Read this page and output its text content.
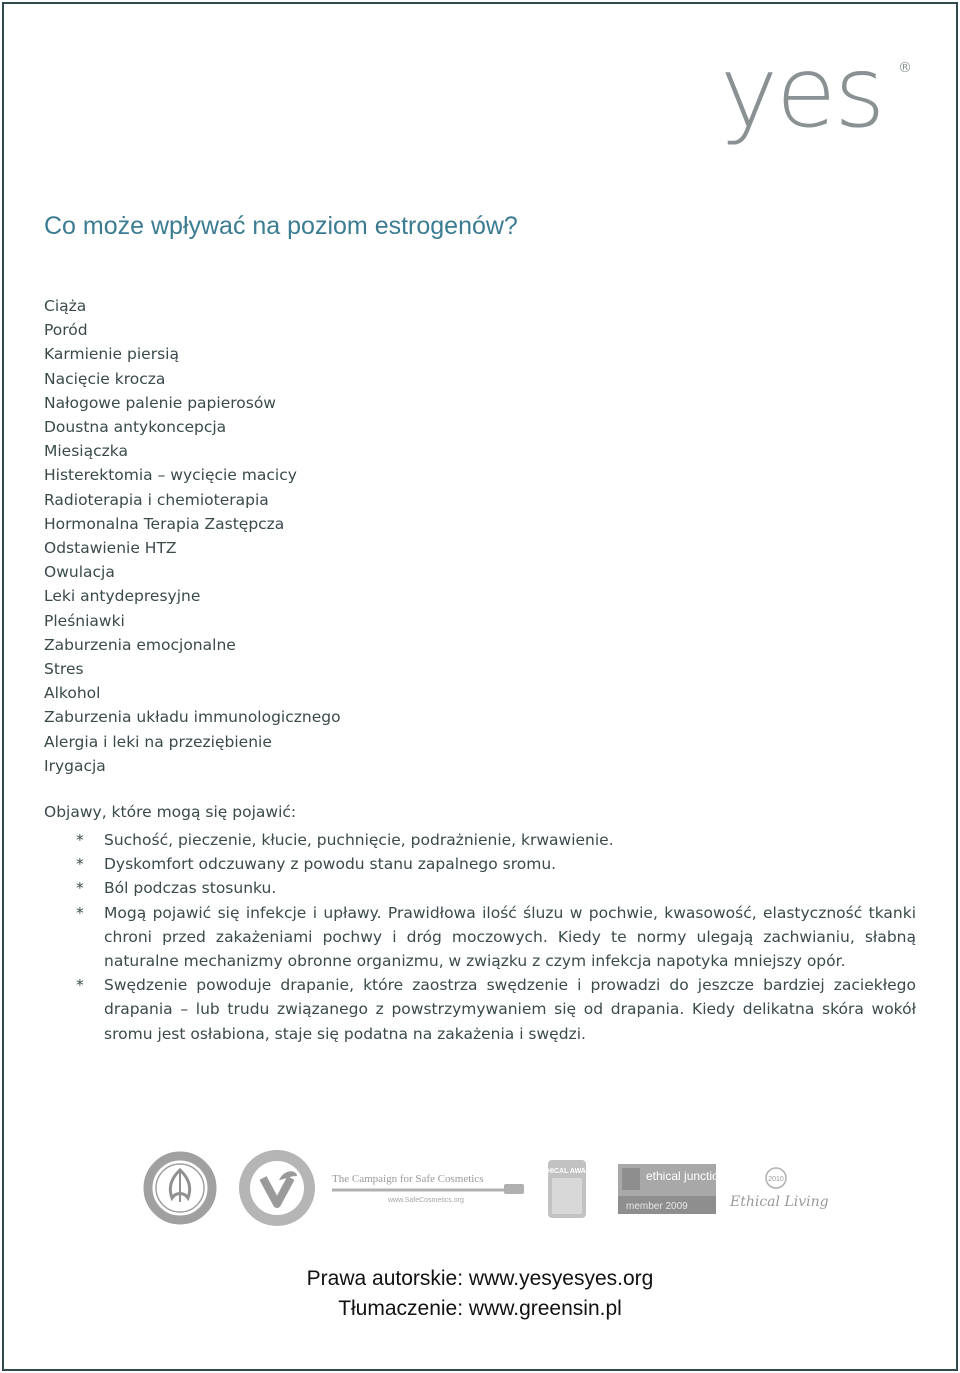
yes ®
Co może wpływać na poziom estrogenów?
Ciąża
Poród
Karmienie piersią
Nacięcie krocza
Nałogowe palenie papierosów
Doustna antykoncepcja
Miesiączka
Histerektomia – wycięcie macicy
Radioterapia i chemioterapia
Hormonalna Terapia Zastępcza
Odstawienie HTZ
Owulacja
Leki antydepresyjne
Pleśniawki
Zaburzenia emocjonalne
Stres
Alkohol
Zaburzenia układu immunologicznego
Alergia i leki na przeziębienie
Irygacja

Objawy, które mogą się pojawić:

*	Suchość, pieczenie, kłucie, puchnięcie, podrażnienie, krwawienie.
*	Dyskomfort odczuwany z powodu stanu zapalnego sromu.
*	Ból podczas stosunku.
*	Mogą pojawić się infekcje i upławy. Prawidłowa ilość śluzu w pochwie, kwasowość, elastyczność tkanki chroni przed zakażeniami pochwy i dróg moczowych. Kiedy te normy ulegają zachwianiu, słabną naturalne mechanizmy obronne organizmu, w związku z czym infekcja napotyka mniejszy opór.
*	Swędzenie powoduje drapanie, które zaostrza swędzenie i prowadzi do jeszcze bardziej zaciekłego drapania – lub trudu związanego z powstrzymywaniem się od drapania. Kiedy delikatna skóra wokół sromu jest osłabiona, staje się podatna na zakażenia i swędzi.
The Campaign for Safe Cosmetics
www.SafeCosmetics.org
ETHICAL AWARD	ethical junction
member 2009
2010
Ethical Living
Prawa autorskie: www.yesyesyes.org
Tłumaczenie: www.greensin.pl
